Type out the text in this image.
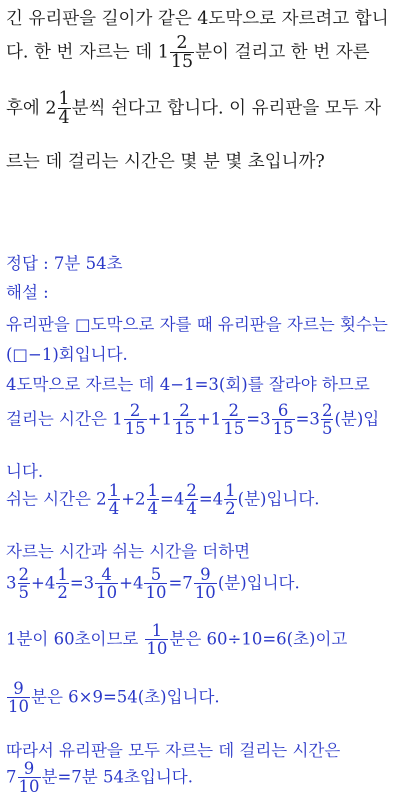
긴 유리판을 길이가 같은 4도막으로 자르려고 합니
다. 한 번 자르는 데 $1 \frac{2}{15}$ 분이 걸리고 한 번 자른
후에 $2 \frac{1}{4}$ 분씩 쉰다고 합니다. 이 유리판을 모두 자
르는 데 걸리는 시간은 몇 분 몇 초입니까?
정답 : 7분 54초
해설 :
유리판을 □도막으로 자를 때 유리판을 자르는 횟수는
(□−1)회입니다.
4도막으로 자르는 데 4−1=3(회)를 잘라야 하므로
걸리는 시간은 $1 \frac{2}{15} +1 \frac{2}{15} +1 \frac{2}{15} =3 \frac{6}{15} =3 \frac{2}{5}$ (분)입
니다.
쉬는 시간은 $2 \frac{1}{4} +2 \frac{1}{4} =4 \frac{2}{4} =4 \frac{1}{2}$ (분)입니다.
자르는 시간과 쉬는 시간을 더하면
$3 \frac{2}{5} +4 \frac{1}{2} =3 \frac{4}{10} +4 \frac{5}{10} =7 \frac{9}{10}$ (분)입니다.
1분이 60초이므로 $\frac{1}{10}$ 분은 60÷10=6(초)이고
$\frac{9}{10}$ 분은 6×9=54(초)입니다.
따라서 유리판을 모두 자르는 데 걸리는 시간은
$7 \frac{9}{10}$ 분=7분 54초입니다.
